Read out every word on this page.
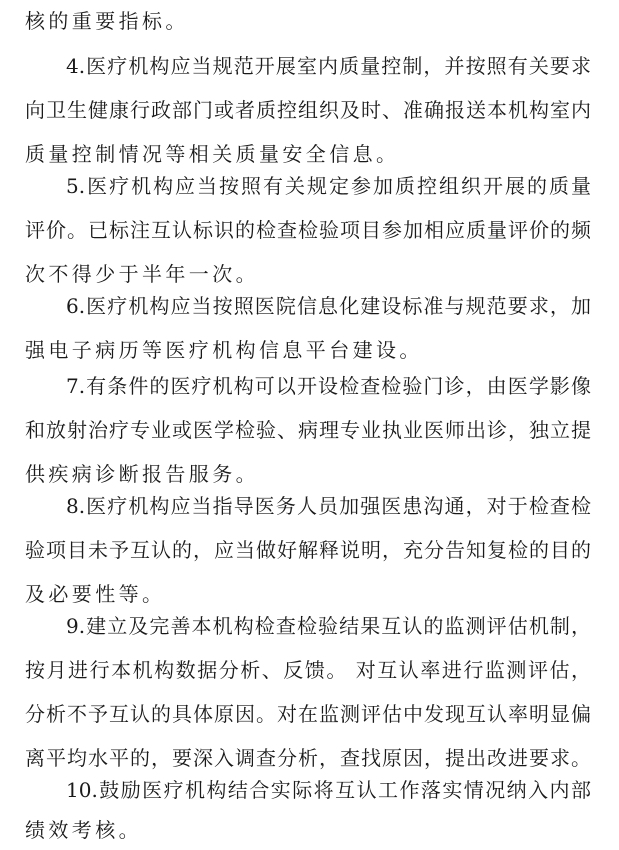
核的重要指标。
4.医疗机构应当规范开展室内质量控制，并按照有关要求
向卫生健康行政部门或者质控组织及时、准确报送本机构室内
质量控制情况等相关质量安全信息。
5.医疗机构应当按照有关规定参加质控组织开展的质量
评价。已标注互认标识的检查检验项目参加相应质量评价的频
次不得少于半年一次。
6.医疗机构应当按照医院信息化建设标准与规范要求，加
强电子病历等医疗机构信息平台建设。
7.有条件的医疗机构可以开设检查检验门诊，由医学影像
和放射治疗专业或医学检验、病理专业执业医师出诊，独立提
供疾病诊断报告服务。
8.医疗机构应当指导医务人员加强医患沟通，对于检查检
验项目未予互认的，应当做好解释说明，充分告知复检的目的
及必要性等。
9.建立及完善本机构检查检验结果互认的监测评估机制，
按月进行本机构数据分析、反馈。 对互认率进行监测评估，
分析不予互认的具体原因。对在监测评估中发现互认率明显偏
离平均水平的，要深入调查分析，查找原因，提出改进要求。
10.鼓励医疗机构结合实际将互认工作落实情况纳入内部
绩效考核。
